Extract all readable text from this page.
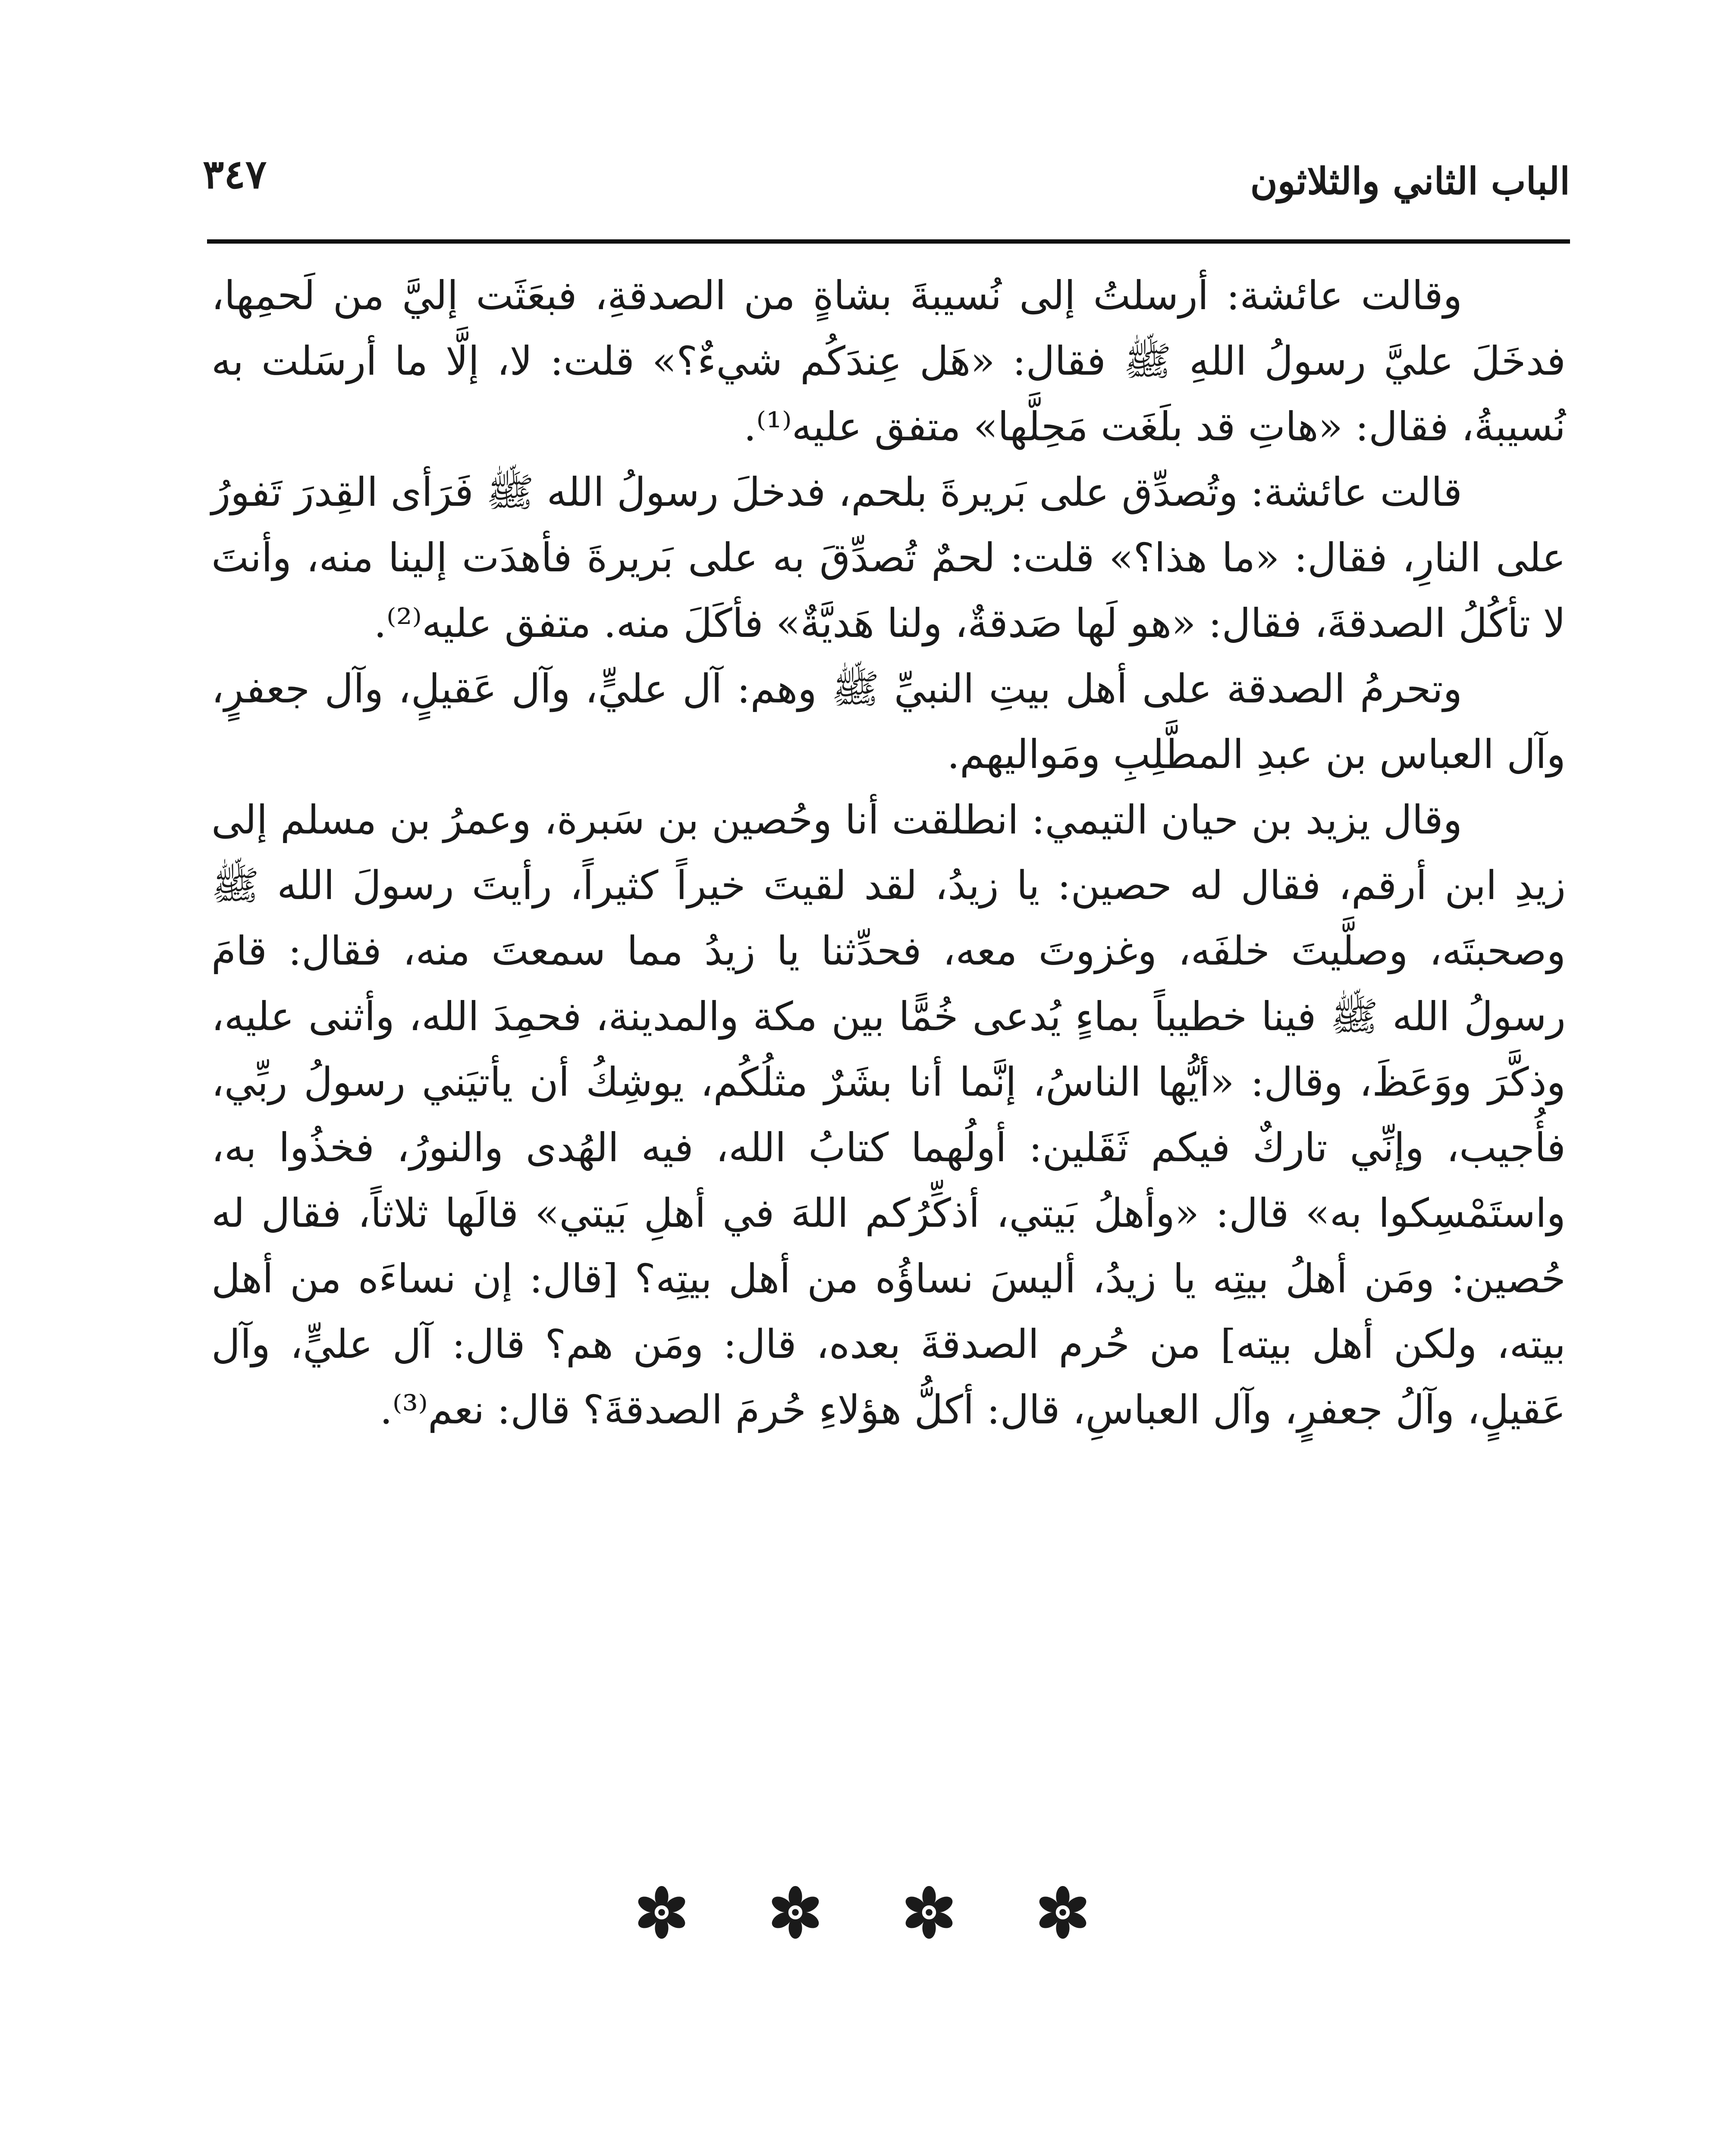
الباب الثاني والثلاثون
٣٤٧

وقالت عائشة: أرسلتُ إلى نُسيبةَ بشاةٍ من الصدقةِ، فبعَثَت إليَّ من لَحمِها، فدخَلَ عليَّ رسولُ اللهِ ﷺ فقال: «هَل عِندَكُم شيءٌ؟» قلت: لا، إلَّا ما أرسَلت به نُسيبةُ، فقال: «هاتِ قد بلَغَت مَحِلَّها» متفق عليه⁽¹⁾.

قالت عائشة: وتُصدِّق على بَريرةَ بلحم، فدخلَ رسولُ الله ﷺ فَرَأى القِدرَ تَفورُ على النارِ، فقال: «ما هذا؟» قلت: لحمٌ تُصدِّقَ به على بَريرةَ فأهدَت إلينا منه، وأنتَ لا تأكُلُ الصدقةَ، فقال: «هو لَها صَدقةٌ، ولنا هَديَّةٌ» فأكَلَ منه. متفق عليه⁽²⁾.

وتحرمُ الصدقة على أهل بيتِ النبيِّ ﷺ وهم: آل عليٍّ، وآل عَقيلٍ، وآل جعفرٍ، وآل العباس بن عبدِ المطَّلِبِ ومَواليهم.

وقال يزيد بن حيان التيمي: انطلقت أنا وحُصين بن سَبرة، وعمرُ بن مسلم إلى زيدِ ابن أرقم، فقال له حصين: يا زيدُ، لقد لقيتَ خيراً كثيراً، رأيتَ رسولَ الله ﷺ وصحبتَه، وصلَّيتَ خلفَه، وغزوتَ معه، فحدِّثنا يا زيدُ مما سمعتَ منه، فقال: قامَ رسولُ الله ﷺ فينا خطيباً بماءٍ يُدعى خُمًّا بين مكة والمدينة، فحمِدَ الله، وأثنى عليه، وذكَّرَ ووَعَظَ، وقال: «أيُّها الناسُ، إنَّما أنا بشَرٌ مثلُكُم، يوشِكُ أن يأتيَني رسولُ ربِّي، فأُجيب، وإنِّي تاركٌ فيكم ثَقَلين: أولُهما كتابُ الله، فيه الهُدى والنورُ، فخذُوا به، واستَمْسِكوا به» قال: «وأهلُ بَيتي، أذكِّرُكم اللهَ في أهلِ بَيتي» قالَها ثلاثاً، فقال له حُصين: ومَن أهلُ بيتِه يا زيدُ، أليسَ نساؤُه من أهل بيتِه؟ [قال: إن نساءَه من أهل بيته، ولكن أهل بيته] من حُرم الصدقةَ بعده، قال: ومَن هم؟ قال: آل عليٍّ، وآل عَقيلٍ، وآلُ جعفرٍ، وآل العباسِ، قال: أكلُّ هؤلاءِ حُرمَ الصدقةَ؟ قال: نعم⁽³⁾.
